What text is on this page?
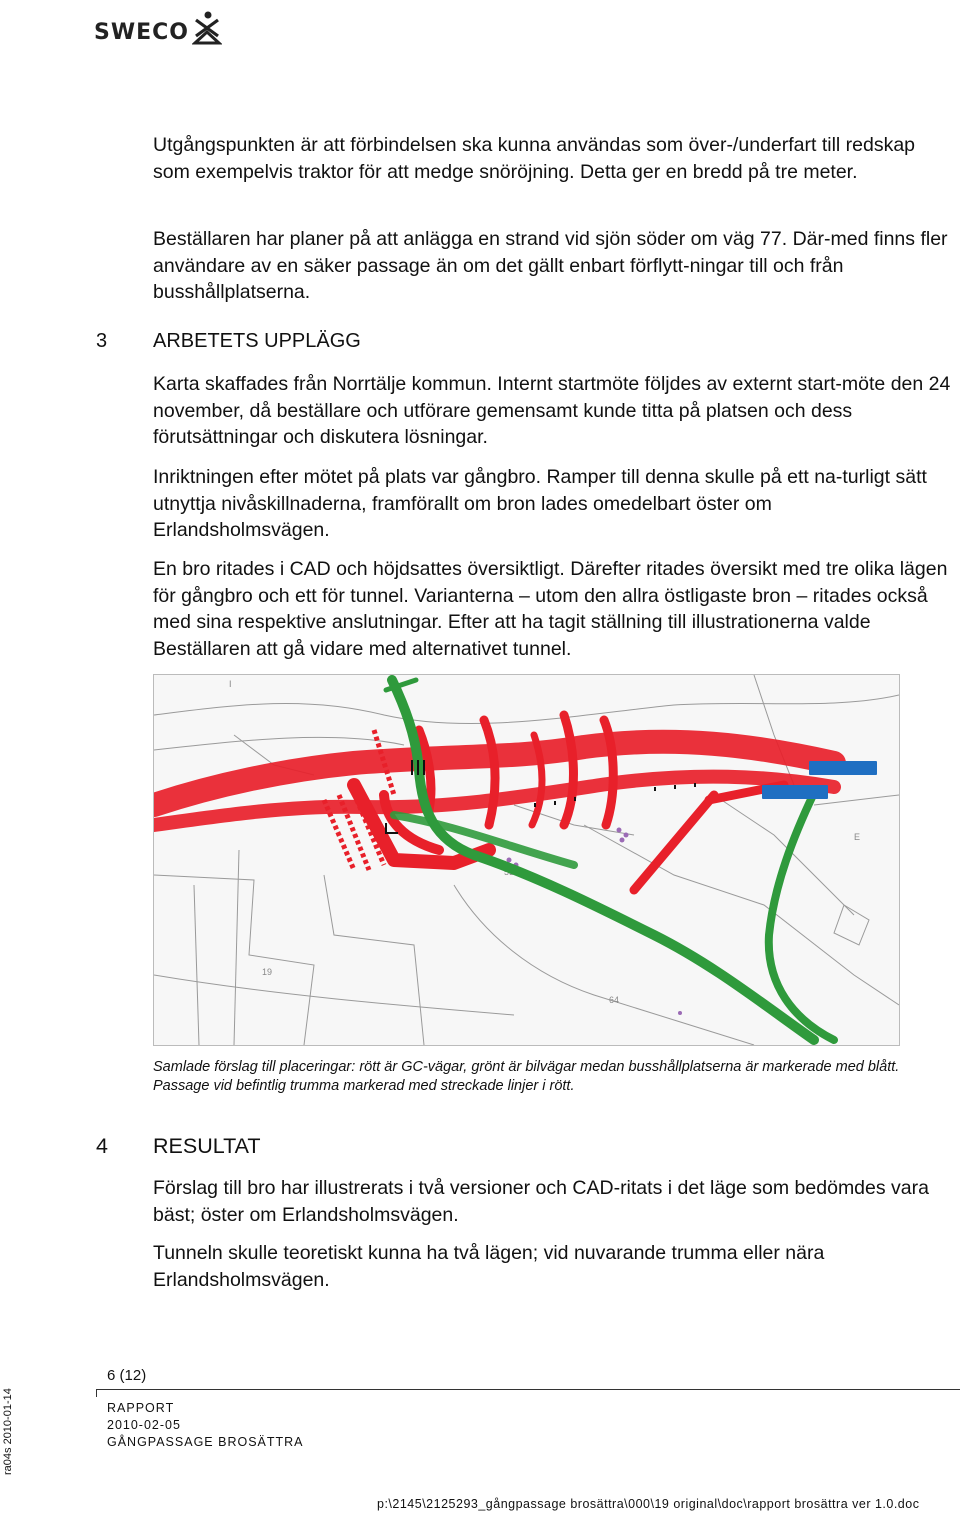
SWECO

Utgångspunkten är att förbindelsen ska kunna användas som över-/underfart till redskap som exempelvis traktor för att medge snöröjning. Detta ger en bredd på tre meter.

Beställaren har planer på att anlägga en strand vid sjön söder om väg 77. Där-med finns fler användare av en säker passage än om det gällt enbart förflytt-ningar till och från busshållplatserna.

3 ARBETETS UPPLÄGG

Karta skaffades från Norrtälje kommun. Internt startmöte följdes av externt start-möte den 24 november, då beställare och utförare gemensamt kunde titta på platsen och dess förutsättningar och diskutera lösningar.

Inriktningen efter mötet på plats var gångbro. Ramper till denna skulle på ett na-turligt sätt utnyttja nivåskillnaderna, framförallt om bron lades omedelbart öster om Erlandsholmsvägen.

En bro ritades i CAD och höjdsattes översiktligt. Därefter ritades översikt med tre olika lägen för gångbro och ett för tunnel. Varianterna – utom den allra östligaste bron – ritades också med sina respektive anslutningar. Efter att ha tagit ställning till illustrationerna valde Beställaren att gå vidare med alternativet tunnel.

I
E
19
53
64

Samlade förslag till placeringar: rött är GC-vägar, grönt är bilvägar medan busshållplatserna är markerade med blått. Passage vid befintlig trumma markerad med streckade linjer i rött.

4 RESULTAT

Förslag till bro har illustrerats i två versioner och CAD-ritats i det läge som bedömdes vara bäst; öster om Erlandsholmsvägen.

Tunneln skulle teoretiskt kunna ha två lägen; vid nuvarande trumma eller nära Erlandsholmsvägen.

6 (12)
RAPPORT
2010-02-05
GÅNGPASSAGE BROSÄTTRA
p:\2145\2125293_gångpassage brosättra\000\19 original\doc\rapport brosättra ver 1.0.doc
ra04s 2010-01-14
